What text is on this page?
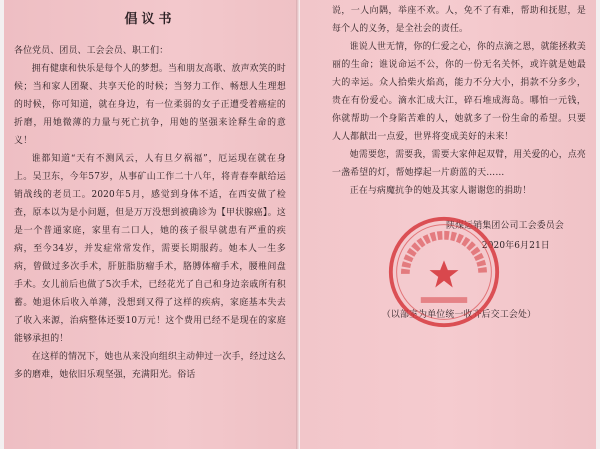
倡议书
各位党员、团员、工会会员、职工们：

拥有健康和快乐是每个人的梦想。当和朋友高歌、放声欢笑的时候；当和家人团聚、共享天伦的时候；当努力工作、畅想人生理想的时候，你可知道，就在身边，有一位柔弱的女子正遭受着癌症的折磨，用她微薄的力量与死亡抗争，用她的坚强来诠释生命的意义！

谁都知道“天有不测风云，人有旦夕祸福”，厄运现在就在身上。吴卫东，今年57岁，从事矿山工作二十八年，将青春奉献给运销战线的老员工。2020年5月，感觉到身体不适，在西安做了检查，原本以为是小问题，但是万万没想到被确诊为【甲状腺癌】。这是一个普通家庭，家里有二口人，她的孩子很早就患有严重的疾病，至今34岁，并发症常常发作，需要长期服药。她本人一生多病，曾做过多次手术，肝脏脂肪瘤手术，胳膊体瘤手术，腰椎间盘手术。女儿前后也做了5次手术，已经花光了自己和身边亲戚所有积蓄。她退休后收入单薄，没想到又得了这样的疾病，家庭基本失去了收入来源，治病整体还要10万元！这个费用已经不是现在的家庭能够承担的！

在这样的情况下，她也从来没向组织主动伸过一次手，经过这么多的磨难，她依旧乐观坚强，充满阳光。俗话

说，一人向隅，举座不欢。人，免不了有难，帮助和抚慰，是每个人的义务，是全社会的责任。

谁说人世无情，你的仁爱之心，你的点滴之恩，就能拯救美丽的生命；谁说命运不公，你的一份无名关怀，或许就是她最大的幸运。众人拾柴火焰高，能力不分大小，捐款不分多少，贵在有份爱心。滴水汇成大江，碎石堆成海岛。哪怕一元钱，你就帮助一个身陷苦难的人，她就多了一份生命的希望。只要人人都献出一点爱，世界将变成美好的未来！

她需要您，需要我，需要大家伸起双臂，用关爱的心，点亮一盏希望的灯，帮她撑起一片蔚蓝的天……

正在与病魔抗争的她及其家人谢谢您的捐助！

陕煤运销集团公司工会委员会
2020年6月21日
（以部室为单位统一收齐后交工会处）
